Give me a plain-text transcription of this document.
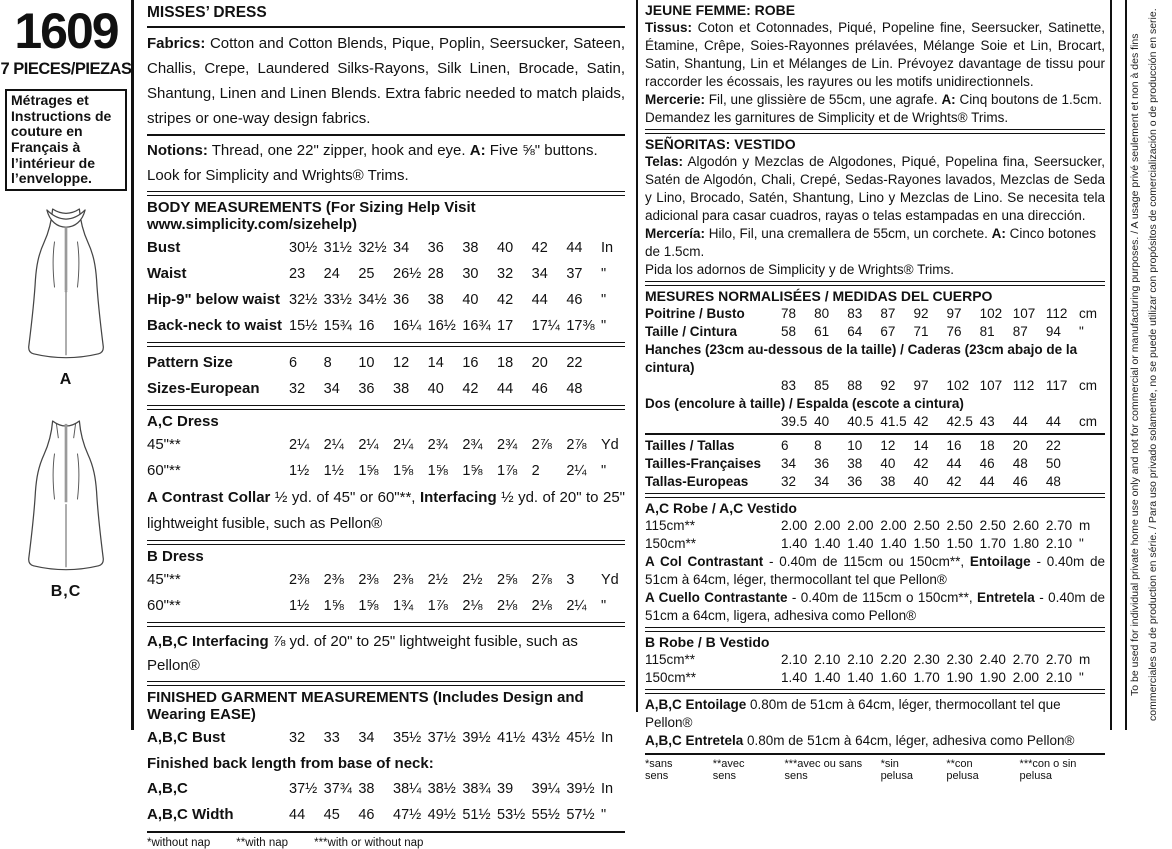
1609
7 PIECES/PIEZAS
Métrages et Instructions de couture en Français à l’intérieur de l’enveloppe.
A
B,C
MISSES’ DRESS

Fabrics: Cotton and Cotton Blends, Pique, Poplin, Seersucker, Sateen, Challis, Crepe, Laundered Silks-Rayons, Silk Linen, Brocade, Satin, Shantung, Linen and Linen Blends. Extra fabric needed to match plaids, stripes or one-way design fabrics.

Notions: Thread, one 22" zipper, hook and eye. A: Five ⅝" buttons.
Look for Simplicity and Wrights® Trims.
BODY MEASUREMENTS (For Sizing Help Visit www.simplicity.com/sizehelp)
Bust	30½ 31½ 32½ 34	36	38	40	42	44	In
Waist	23	24	25	26½ 28	30	32	34	37	"
Hip-9" below waist 32½ 33½ 34½ 36	38	40	42	44	46	"
Back-neck to waist 15½ 15¾ 16	16¼ 16½ 16¾ 17	17¼ 17⅜ "
Pattern Size	6	8	10	12	14	16	18	20	22
Sizes-European	32	34	36	38	40	42	44	46	48
A,C Dress
45"**	2¼ 2¼	2¼	2¼ 2¾	2¾	2¾ 2⅞	2⅞	Yd
60"**	1½ 1½	1⅝	1⅝ 1⅝	1⅝	1⅞ 2	2¼	"
A Contrast Collar ½ yd. of 45" or 60"**, Interfacing ½ yd. of 20" to 25" lightweight fusible, such as Pellon®
B Dress
45"**	2⅜ 2⅜	2⅜	2⅜ 2½	2½	2⅝ 2⅞	3	Yd
60"**	1½ 1⅝	1⅝	1¾ 1⅞	2⅛	2⅛ 2⅛	2¼	"
A,B,C Interfacing ⅞ yd. of 20" to 25" lightweight fusible, such as Pellon®
FINISHED GARMENT MEASUREMENTS (Includes Design and Wearing EASE)
A,B,C Bust	32	33	34	35½ 37½ 39½ 41½ 43½ 45½ In
Finished back length from base of neck:
A,B,C	37½ 37¾ 38	38¼ 38½ 38¾ 39	39¼ 39½ In
A,B,C Width	44	45	46	47½ 49½ 51½ 53½ 55½ 57½ "
*without nap **with nap ***with or without nap
JEUNE FEMME: ROBE

Tissus: Coton et Cotonnades, Piqué, Popeline fine, Seersucker, Satinette, Étamine, Crêpe, Soies-Rayonnes prélavées, Mélange Soie et Lin, Brocart, Satin, Shantung, Lin et Mélanges de Lin. Prévoyez davantage de tissu pour raccorder les écossais, les rayures ou les motifs unidirectionnels.

Mercerie: Fil, une glissière de 55cm, une agrafe. A: Cinq boutons de 1.5cm.
Demandez les garnitures de Simplicity et de Wrights® Trims.
SEÑORITAS: VESTIDO

Telas: Algodón y Mezclas de Algodones, Piqué, Popelina fina, Seersucker, Satén de Algodón, Chali, Crepé, Sedas-Rayones lavados, Mezclas de Seda y Lino, Brocado, Satén, Shantung, Lino y Mezclas de Lino. Se necesita tela adicional para casar cuadros, rayas o telas estampadas en una dirección.

Mercería: Hilo, Fil, una cremallera de 55cm, un corchete. A: Cinco botones de 1.5cm.
Pida los adornos de Simplicity y de Wrights® Trims.
MESURES NORMALISÉES / MEDIDAS DEL CUERPO
Poitrine / Busto	78	80	83	87	92	97	102 107 112 cm
Taille / Cintura	58	61	64	67	71	76	81	87	94	"
Hanches (23cm au-dessous de la taille) / Caderas (23cm abajo de la cintura)
83	85	88	92	97	102 107 112 117 cm
Dos (encolure à taille) / Espalda (escote a cintura)
39.5 40	40.5 41.5 42	42.5 43	44	44	cm
Tailles / Tallas	6	8	10	12	14	16	18	20	22
Tailles-Françaises	34	36	38	40	42	44	46	48	50
Tallas-Europeas	32	34	36	38	40	42	44	46	48
A,C Robe / A,C Vestido
115cm**	2.00 2.00 2.00 2.00 2.50 2.50 2.50 2.60 2.70 m
150cm**	1.40 1.40 1.40 1.40 1.50 1.50 1.70 1.80 2.10 "
A Col Contrastant - 0.40m de 115cm ou 150cm**, Entoilage - 0.40m de 51cm à 64cm, léger, thermocollant tel que Pellon®
A Cuello Contrastante - 0.40m de 115cm o 150cm**, Entretela - 0.40m de 51cm a 64cm, ligera, adhesiva como Pellon®
B Robe / B Vestido
115cm**	2.10 2.10 2.10 2.20 2.30 2.30 2.40 2.70 2.70 m
150cm**	1.40 1.40 1.40 1.60 1.70 1.90 1.90 2.00 2.10 "
A,B,C Entoilage 0.80m de 51cm à 64cm, léger, thermocollant tel que Pellon®
A,B,C Entretela 0.80m de 51cm à 64cm, léger, adhesiva como Pellon®
*sans sens
**avec sens
***avec ou sans sens
*sin pelusa
**con pelusa
***con o sin pelusa
To be used for individual private home use only and not for commercial or manufacturing purposes. / A usage privé seulement et non à des fins commerciales ou de production en série. / Para uso privado solamente, no se puede utilizar con propósitos de comercialización o de producción en serie.
